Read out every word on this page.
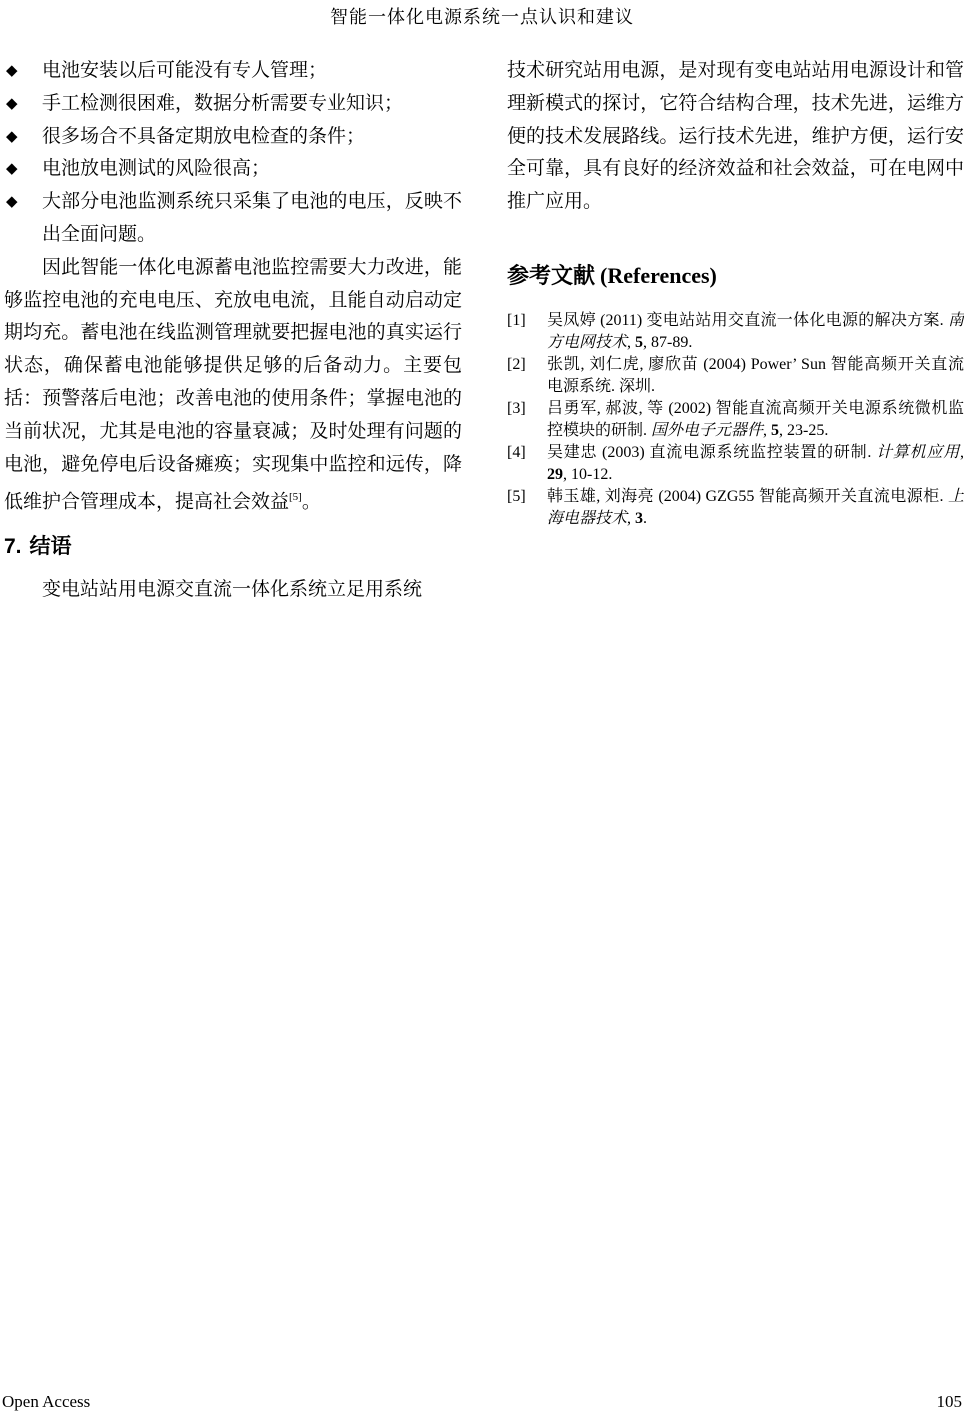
智能一体化电源系统一点认识和建议
◆ 电池安装以后可能没有专人管理；
◆ 手工检测很困难，数据分析需要专业知识；
◆ 很多场合不具备定期放电检查的条件；
◆ 电池放电测试的风险很高；
◆ 大部分电池监测系统只采集了电池的电压，反映不出全面问题。

因此智能一体化电源蓄电池监控需要大力改进，能够监控电池的充电电压、充放电电流，且能自动启动定期均充。蓄电池在线监测管理就要把握电池的真实运行状态，确保蓄电池能够提供足够的后备动力。主要包括：预警落后电池；改善电池的使用条件；掌握电池的当前状况，尤其是电池的容量衰减；及时处理有问题的电池，避免停电后设备瘫痪；实现集中监控和远传，降低维护合管理成本，提高社会效益[5]。

7. 结语

变电站站用电源交直流一体化系统立足用系统

技术研究站用电源，是对现有变电站站用电源设计和管理新模式的探讨，它符合结构合理，技术先进，运维方便的技术发展路线。运行技术先进，维护方便，运行安全可靠，具有良好的经济效益和社会效益，可在电网中推广应用。

参考文献 (References)
[1] 吴凤婷 (2011) 变电站站用交直流一体化电源的解决方案. 南方电网技术, 5, 87-89.
[2] 张凯, 刘仁虎, 廖欣苗 (2004) Power’ Sun 智能高频开关直流电源系统. 深圳.
[3] 吕勇军, 郝波, 等 (2002) 智能直流高频开关电源系统微机监控模块的研制. 国外电子元器件, 5, 23-25.
[4] 吴建忠 (2003) 直流电源系统监控装置的研制. 计算机应用, 29, 10-12.
[5] 韩玉雄, 刘海亮 (2004) GZG55 智能高频开关直流电源柜. 上海电器技术, 3.
Open Access	105
